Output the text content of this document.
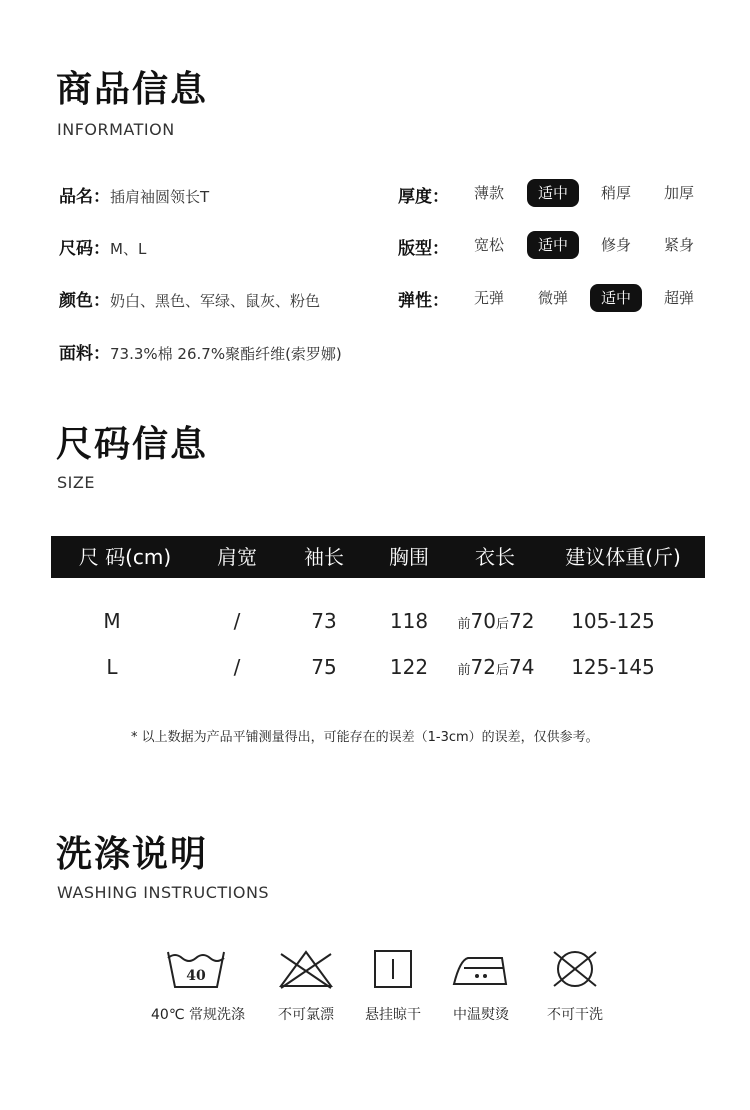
商品信息
INFORMATION
品名：插肩袖圆领长T
尺码：M、L
颜色：奶白、黑色、军绿、鼠灰、粉色
面料：73.3%棉 26.7%聚酯纤维(索罗娜)
厚度：	薄款	适中	稍厚	加厚
版型：	宽松	适中	修身	紧身
弹性：	无弹	微弹	适中	超弹
尺码信息
SIZE
尺 码(cm) 肩宽 袖长 胸围 衣长	建议体重(斤)
M	/	73	118 前70后72 105-125
L	/	75	122 前72后74 125-145
* 以上数据为产品平铺测量得出，可能存在的误差（1-3cm）的误差，仅供参考。
洗涤说明
WASHING INSTRUCTIONS
40
40℃ 常规洗涤	不可氯漂	悬挂晾干	中温熨烫	不可干洗
